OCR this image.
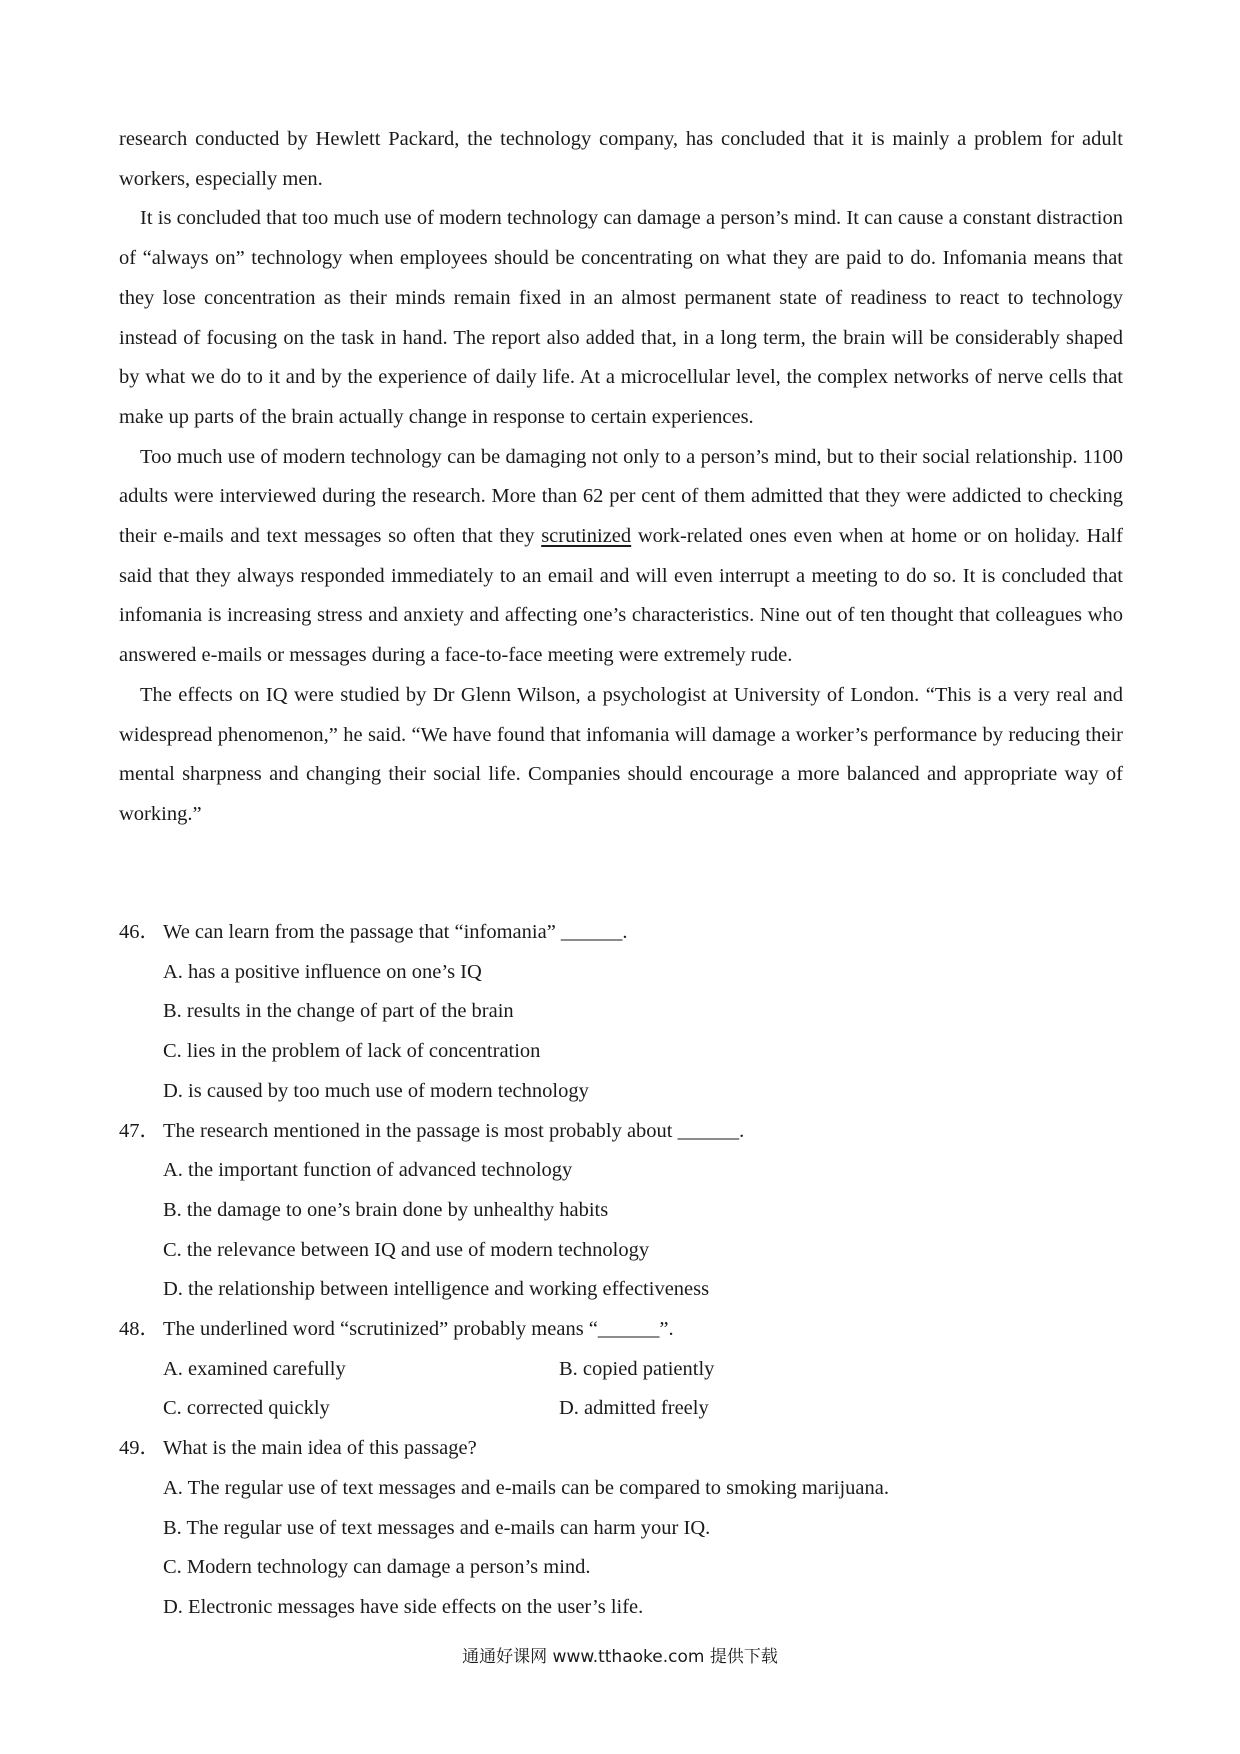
research conducted by Hewlett Packard, the technology company, has concluded that it is mainly a problem for adult workers, especially men.

It is concluded that too much use of modern technology can damage a person’s mind. It can cause a constant distraction of “always on” technology when employees should be concentrating on what they are paid to do. Infomania means that they lose concentration as their minds remain fixed in an almost permanent state of readiness to react to technology instead of focusing on the task in hand. The report also added that, in a long term, the brain will be considerably shaped by what we do to it and by the experience of daily life. At a microcellular level, the complex networks of nerve cells that make up parts of the brain actually change in response to certain experiences.

Too much use of modern technology can be damaging not only to a person’s mind, but to their social relationship. 1100 adults were interviewed during the research. More than 62 per cent of them admitted that they were addicted to checking their e-mails and text messages so often that they scrutinized work-related ones even when at home or on holiday. Half said that they always responded immediately to an email and will even interrupt a meeting to do so. It is concluded that infomania is increasing stress and anxiety and affecting one’s characteristics. Nine out of ten thought that colleagues who answered e-mails or messages during a face-to-face meeting were extremely rude.

The effects on IQ were studied by Dr Glenn Wilson, a psychologist at University of London. “This is a very real and widespread phenomenon,” he said. “We have found that infomania will damage a worker’s performance by reducing their mental sharpness and changing their social life. Companies should encourage a more balanced and appropriate way of working.”

46． We can learn from the passage that “infomania” ______.
A. has a positive influence on one’s IQ
B. results in the change of part of the brain
C. lies in the problem of lack of concentration
D. is caused by too much use of modern technology
47． The research mentioned in the passage is most probably about ______.
A. the important function of advanced technology
B. the damage to one’s brain done by unhealthy habits
C. the relevance between IQ and use of modern technology
D. the relationship between intelligence and working effectiveness
48． The underlined word “scrutinized” probably means “______”.
A. examined carefully	B. copied patiently
C. corrected quickly	D. admitted freely
49． What is the main idea of this passage?
A. The regular use of text messages and e-mails can be compared to smoking marijuana.
B. The regular use of text messages and e-mails can harm your IQ.
C. Modern technology can damage a person’s mind.
D. Electronic messages have side effects on the user’s life.
通通好课网 www.tthaoke.com 提供下载
